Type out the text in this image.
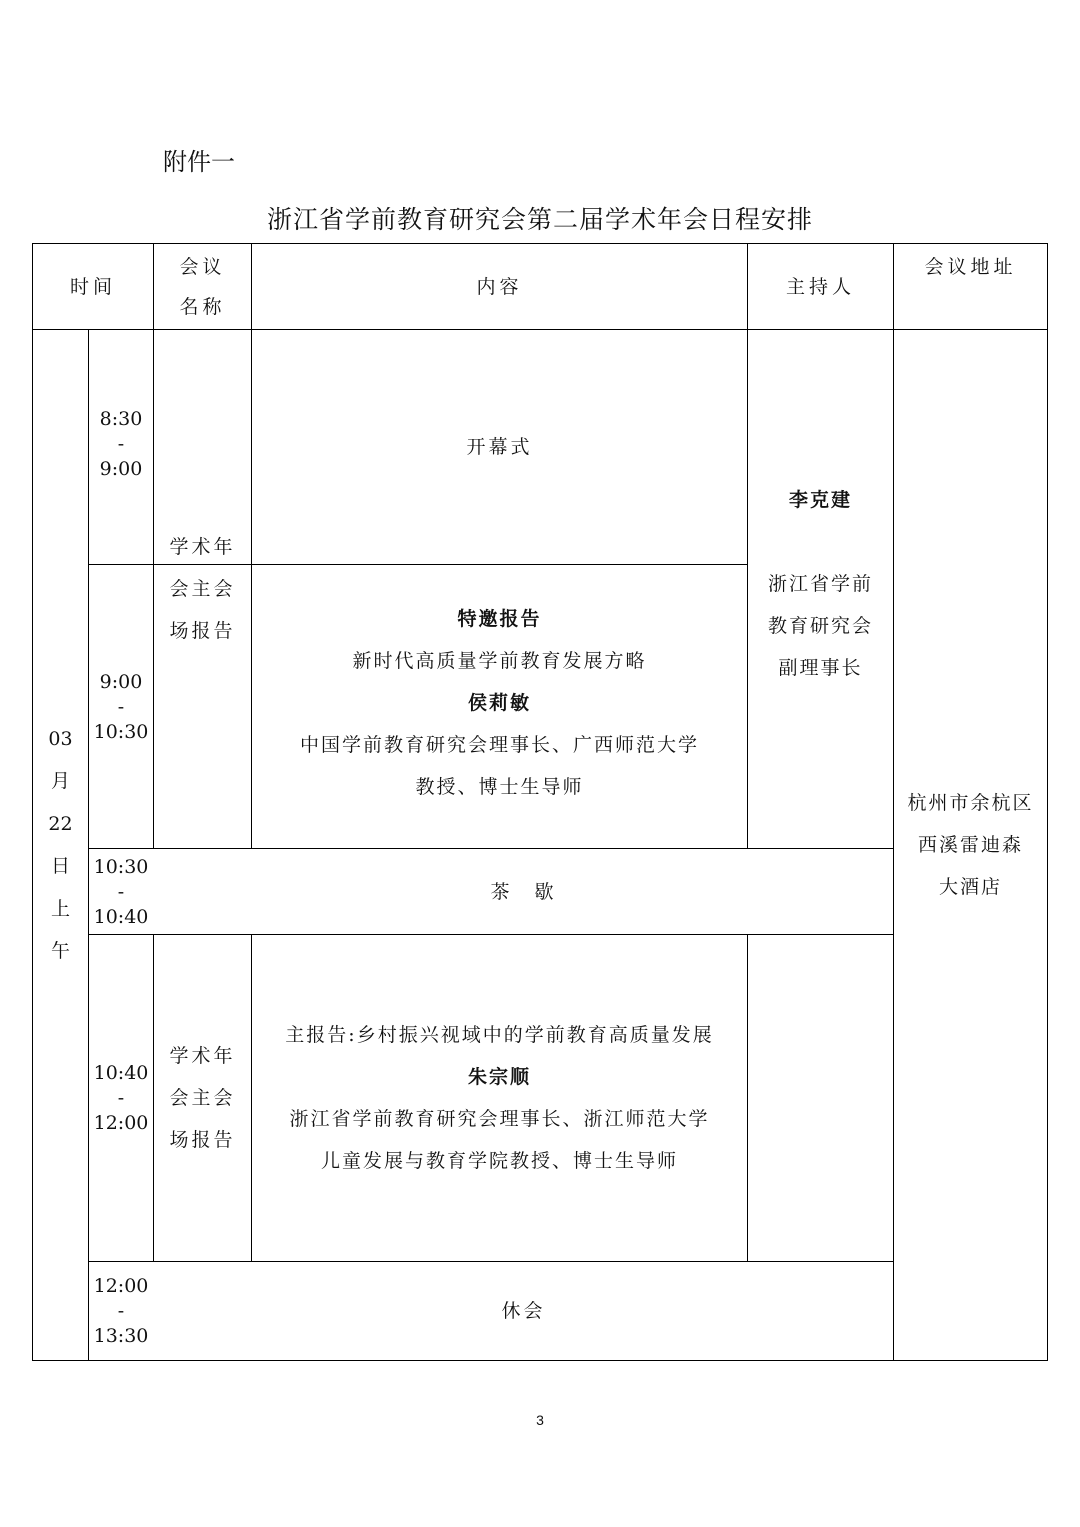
附件一
浙江省学前教育研究会第二届学术年会日程安排
时间
会议
名称
内容	主持人
会议地址
03
月
22
日
上
午
8:30
-
9:00
9:00
-
10:30
10:30
-
10:40
10:40
-
12:00
12:00
-
13:30
学术年
会主会
场报告
学术年
会主会
场报告
开幕式
特邀报告
新时代高质量学前教育发展方略
侯莉敏
中国学前教育研究会理事长、广西师范大学
教授、博士生导师
茶　歇
主报告:乡村振兴视域中的学前教育高质量发展
朱宗顺
浙江省学前教育研究会理事长、浙江师范大学
儿童发展与教育学院教授、博士生导师
休会
李克建
浙江省学前
教育研究会
副理事长
杭州市余杭区
西溪雷迪森
大酒店
3
